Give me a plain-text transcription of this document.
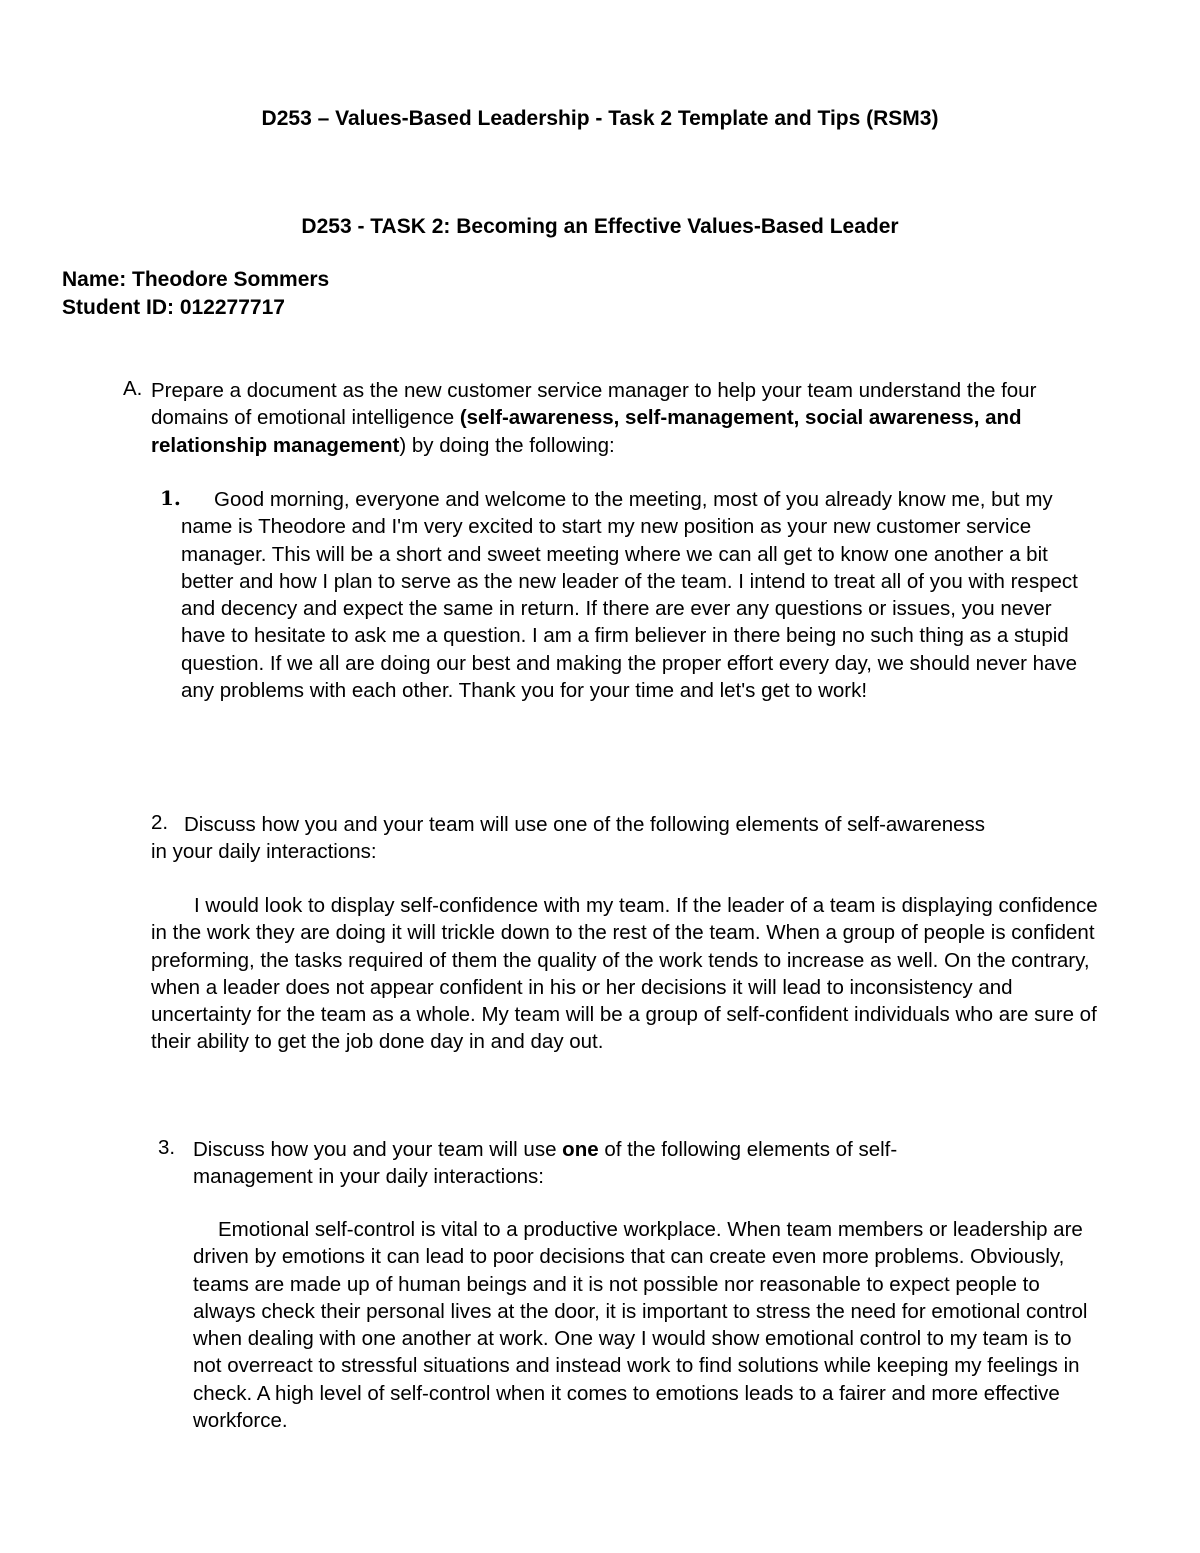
D253 – Values-Based Leadership - Task 2 Template and Tips (RSM3)
D253 - TASK 2: Becoming an Effective Values-Based Leader
Name: Theodore Sommers
Student ID: 012277717
A. Prepare a document as the new customer service manager to help your team understand the four domains of emotional intelligence (self-awareness, self-management, social awareness, and relationship management) by doing the following:

1.	Good morning, everyone and welcome to the meeting, most of you already know me, but my name is Theodore and I'm very excited to start my new position as your new customer service manager. This will be a short and sweet meeting where we can all get to know one another a bit better and how I plan to serve as the new leader of the team. I intend to treat all of you with respect and decency and expect the same in return. If there are ever any questions or issues, you never have to hesitate to ask me a question. I am a firm believer in there being no such thing as a stupid question. If we all are doing our best and making the proper effort every day, we should never have any problems with each other. Thank you for your time and let's get to work!

2. Discuss how you and your team will use one of the following elements of self-awareness in your daily interactions:

I would look to display self-confidence with my team. If the leader of a team is displaying confidence in the work they are doing it will trickle down to the rest of the team. When a group of people is confident preforming, the tasks required of them the quality of the work tends to increase as well. On the contrary, when a leader does not appear confident in his or her decisions it will lead to inconsistency and uncertainty for the team as a whole. My team will be a group of self-confident individuals who are sure of their ability to get the job done day in and day out.

3. Discuss how you and your team will use one of the following elements of self-management in your daily interactions:

Emotional self-control is vital to a productive workplace. When team members or leadership are driven by emotions it can lead to poor decisions that can create even more problems. Obviously, teams are made up of human beings and it is not possible nor reasonable to expect people to always check their personal lives at the door, it is important to stress the need for emotional control when dealing with one another at work. One way I would show emotional control to my team is to not overreact to stressful situations and instead work to find solutions while keeping my feelings in check. A high level of self-control when it comes to emotions leads to a fairer and more effective workforce.
